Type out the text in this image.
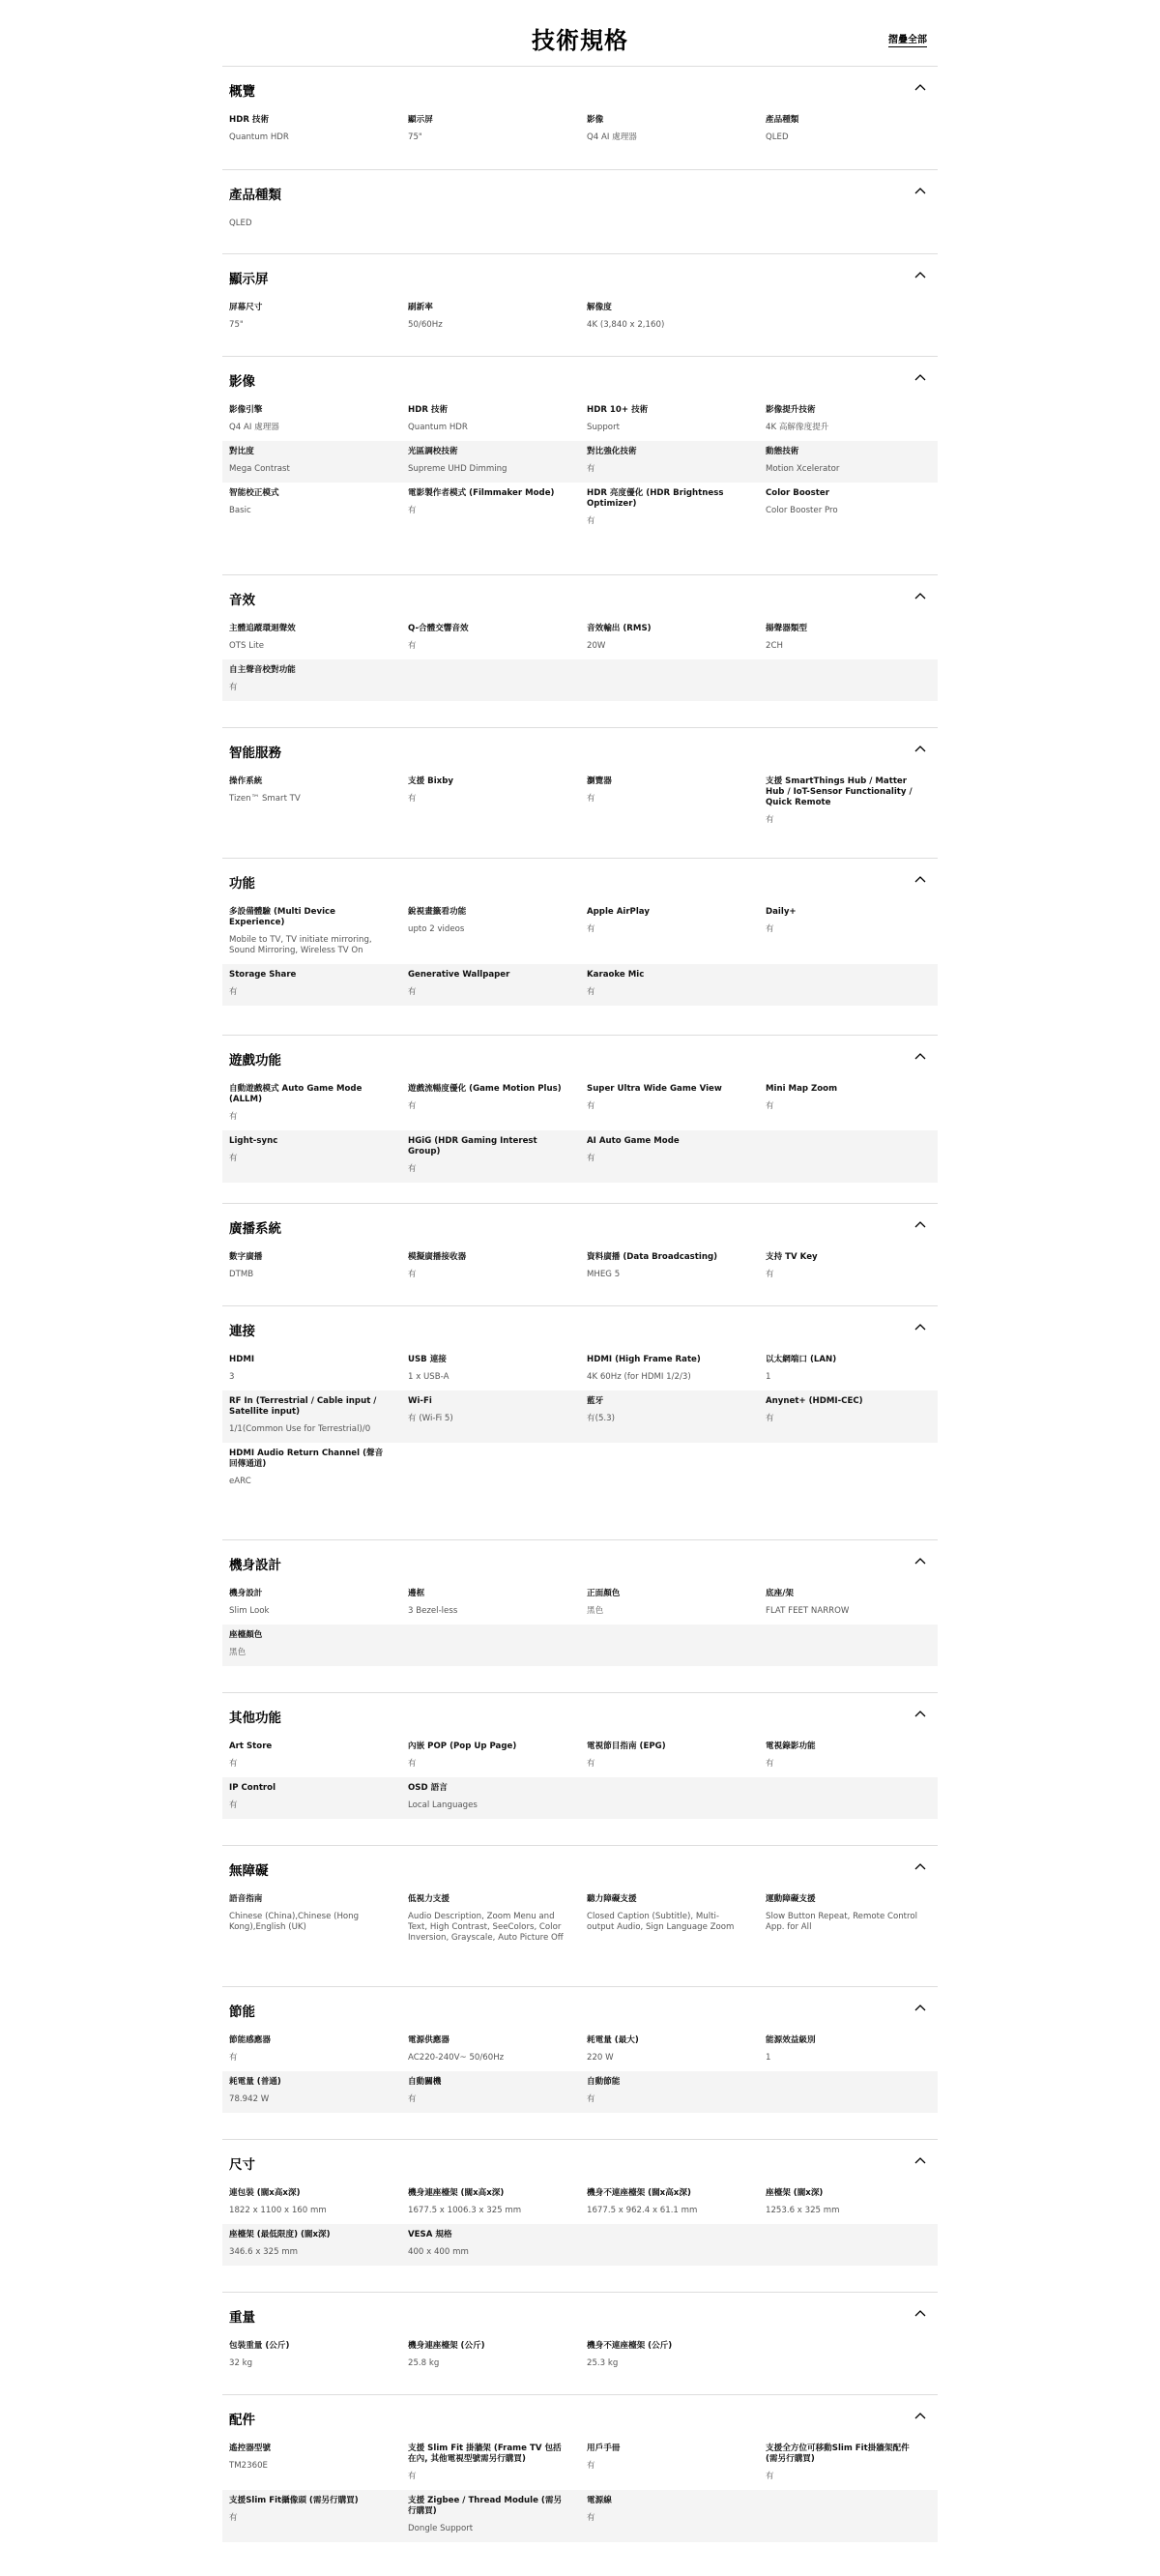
技術規格	摺疊全部
概覽
HDR 技術
Quantum HDR
顯示屏
75"
影像
Q4 AI 處理器
產品種類
QLED
產品種類
QLED
顯示屏
屏幕尺寸
75"
刷新率
50/60Hz
解像度
4K (3,840 x 2,160)
影像
影像引擎
Q4 AI 處理器
HDR 技術
Quantum HDR
HDR 10+ 技術
Support
影像提升技術
4K 高解像度提升
對比度
Mega Contrast
光區調校技術
Supreme UHD Dimming
對比強化技術
有
動態技術
Motion Xcelerator
智能校正模式
Basic
電影製作者模式 (Filmmaker Mode)
有
HDR 亮度優化 (HDR Brightness Optimizer)
有
Color Booster
Color Booster Pro
音效
主體追蹤環迴聲效
OTS Lite
Q-合體交響音效
有
音效輸出 (RMS)
20W
揚聲器類型
2CH
自主聲音校對功能
有
智能服務
操作系統
Tizen™ Smart TV
支援 Bixby
有
瀏覽器
有
支援 SmartThings Hub / Matter Hub / IoT-Sensor Functionality / Quick Remote
有
功能
多設備體驗 (Multi Device Experience)
Mobile to TV, TV initiate mirroring, Sound Mirroring, Wireless TV On
銳視畫籤看功能
upto 2 videos
Apple AirPlay
有
Daily+
有
Storage Share
有
Generative Wallpaper
有
Karaoke Mic
有
遊戲功能
自動遊戲模式 Auto Game Mode (ALLM)
有
遊戲流暢度優化 (Game Motion Plus)
有
Super Ultra Wide Game View
有
Mini Map Zoom
有
Light-sync
有
HGiG (HDR Gaming Interest Group)
有
AI Auto Game Mode
有
廣播系統
數字廣播
DTMB
模擬廣播接收器
有
資料廣播 (Data Broadcasting)
MHEG 5
支持 TV Key
有
連接
HDMI
3
USB 連接
1 x USB-A
HDMI (High Frame Rate)
4K 60Hz (for HDMI 1/2/3)
以太網端口 (LAN)
1
RF In (Terrestrial / Cable input / Satellite input)
1/1(Common Use for Terrestrial)/0
Wi-Fi
有 (Wi-Fi 5)
藍牙
有(5.3)
Anynet+ (HDMI-CEC)
有
HDMI Audio Return Channel (聲音回傳通道)
eARC
機身設計
機身設計
Slim Look
邊框
3 Bezel-less
正面顏色
黑色
底座/架
FLAT FEET NARROW
座檯顏色
黑色
其他功能
Art Store
有
內嵌 POP (Pop Up Page)
有
電視節目指南 (EPG)
有
電視錄影功能
有
IP Control
有
OSD 語言
Local Languages
無障礙
語音指南
Chinese (China),Chinese (Hong Kong),English (UK)
低視力支援
Audio Description, Zoom Menu and Text, High Contrast, SeeColors, Color Inversion, Grayscale, Auto Picture Off
聽力障礙支援
Closed Caption (Subtitle), Multi-output Audio, Sign Language Zoom
運動障礙支援
Slow Button Repeat, Remote Control App. for All
節能
節能感應器
有
電源供應器
AC220-240V~ 50/60Hz
耗電量 (最大)
220 W
能源效益級別
1
耗電量 (普通)
78.942 W
自動關機
有
自動節能
有
尺寸
連包裝 (闊x高x深)
1822 x 1100 x 160 mm
機身連座檯架 (闊x高x深)
1677.5 x 1006.3 x 325 mm
機身不連座檯架 (闊x高x深)
1677.5 x 962.4 x 61.1 mm
座檯架 (闊x深)
1253.6 x 325 mm
座檯架 (最低限度) (闊x深)
346.6 x 325 mm
VESA 規格
400 x 400 mm
重量
包裝重量 (公斤)
32 kg
機身連座檯架 (公斤)
25.8 kg
機身不連座檯架 (公斤)
25.3 kg
配件
遙控器型號
TM2360E
支援 Slim Fit 掛牆架 (Frame TV 包括在內, 其他電視型號需另行購買)
有
用戶手冊
有
支援全方位可移動Slim Fit掛牆架配件 (需另行購買)
有
支援Slim Fit攝像頭 (需另行購買)
有
支援 Zigbee / Thread Module (需另行購買)
Dongle Support
電源線
有
